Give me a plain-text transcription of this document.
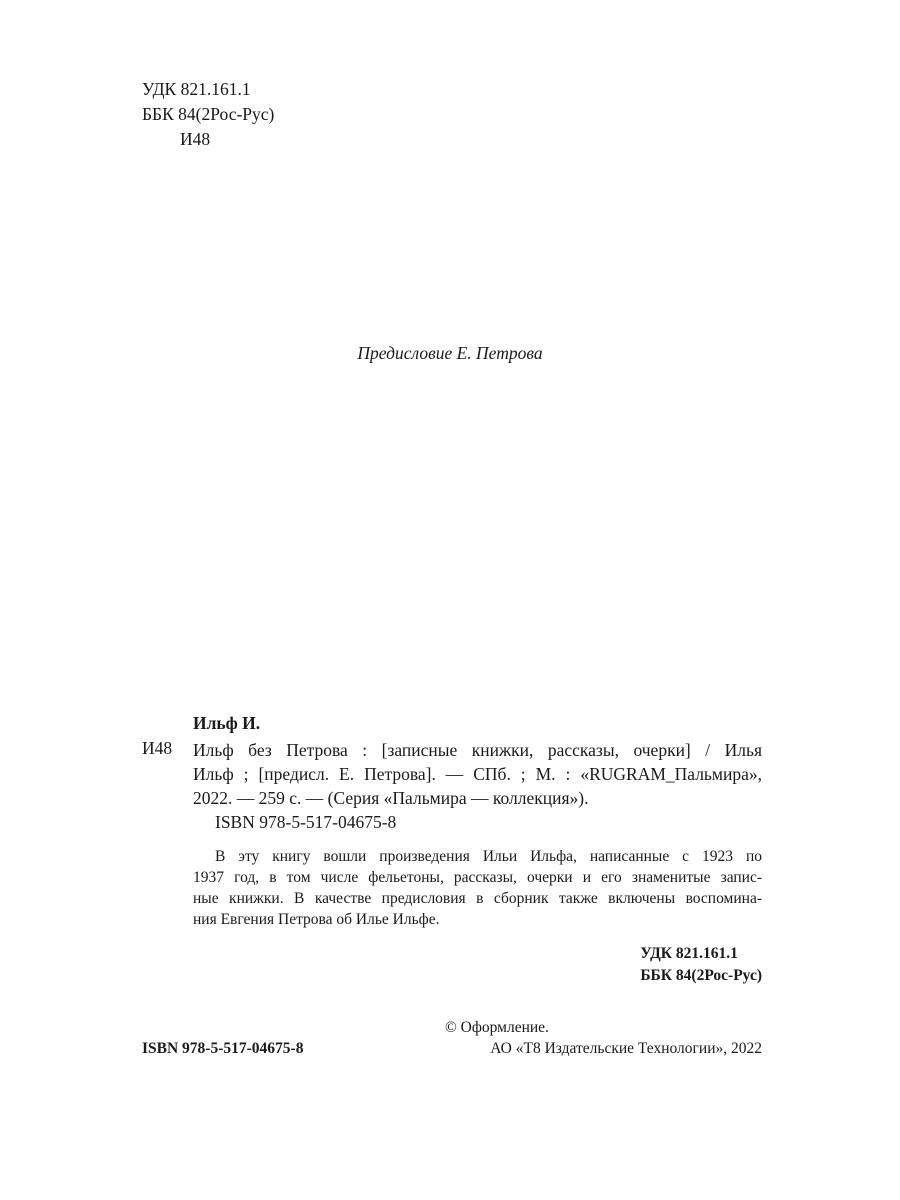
УДК 821.161.1
ББК 84(2Рос-Рус)
И48
Предисловие Е. Петрова
Ильф И.
И48 Ильф без Петрова : [записные книжки, рассказы, очерки] / Илья
Ильф ; [предисл. Е. Петрова]. — СПб. ; М. : «RUGRAM_Пальмира»,
2022. — 259 с. — (Серия «Пальмира — коллекция»).
ISBN 978-5-517-04675-8
В эту книгу вошли произведения Ильи Ильфа, написанные с 1923 по
1937 год, в том числе фельетоны, рассказы, очерки и его знаменитые запис-
ные книжки. В качестве предисловия в сборник также включены воспомина-
ния Евгения Петрова об Илье Ильфе.
УДК 821.161.1
ББК 84(2Рос-Рус)
© Оформление.
ISBN 978-5-517-04675-8	АО «Т8 Издательские Технологии», 2022
